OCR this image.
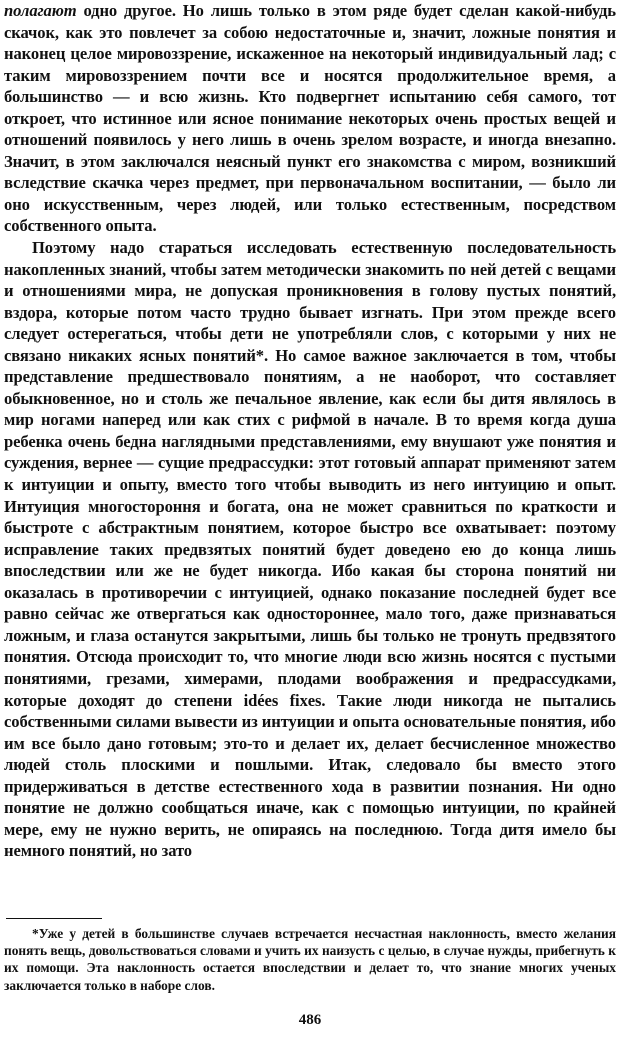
полагают одно другое. Но лишь только в этом ряде будет сделан какой-нибудь скачок, как это повлечет за собою недостаточные и, значит, ложные понятия и наконец целое мировоззрение, искаженное на некоторый индивидуальный лад; с таким мировоззрением почти все и носятся продолжительное время, а большинство — и всю жизнь. Кто подвергнет испытанию себя самого, тот откроет, что истинное или ясное понимание некоторых очень простых вещей и отношений появилось у него лишь в очень зрелом возрасте, и иногда внезапно. Значит, в этом заключался неясный пункт его знакомства с миром, возникший вследствие скачка через предмет, при первоначальном воспитании, — было ли оно искусственным, через людей, или только естественным, посредством собственного опыта.

Поэтому надо стараться исследовать естественную последовательность накопленных знаний, чтобы затем методически знакомить по ней детей с вещами и отношениями мира, не допуская проникновения в голову пустых понятий, вздора, которые потом часто трудно бывает изгнать. При этом прежде всего следует остерегаться, чтобы дети не употребляли слов, с которыми у них не связано никаких ясных понятий*. Но самое важное заключается в том, чтобы представление предшествовало понятиям, а не наоборот, что составляет обыкновенное, но и столь же печальное явление, как если бы дитя являлось в мир ногами наперед или как стих с рифмой в начале. В то время когда душа ребенка очень бедна наглядными представлениями, ему внушают уже понятия и суждения, вернее — сущие предрассудки: этот готовый аппарат применяют затем к интуиции и опыту, вместо того чтобы выводить из него интуицию и опыт. Интуиция многостороння и богата, она не может сравниться по краткости и быстроте с абстрактным понятием, которое быстро все охватывает: поэтому исправление таких предвзятых понятий будет доведено ею до конца лишь впоследствии или же не будет никогда. Ибо какая бы сторона понятий ни оказалась в противоречии с интуицией, однако показание последней будет все равно сейчас же отвергаться как одностороннее, мало того, даже признаваться ложным, и глаза останутся закрытыми, лишь бы только не тронуть предвзятого понятия. Отсюда происходит то, что многие люди всю жизнь носятся с пустыми понятиями, грезами, химерами, плодами воображения и предрассудками, которые доходят до степени idées fixes. Такие люди никогда не пытались собственными силами вывести из интуиции и опыта основательные понятия, ибо им все было дано готовым; это-то и делает их, делает бесчисленное множество людей столь плоскими и пошлыми. Итак, следовало бы вместо этого придерживаться в детстве естественного хода в развитии познания. Ни одно понятие не должно сообщаться иначе, как с помощью интуиции, по крайней мере, ему не нужно верить, не опираясь на последнюю. Тогда дитя имело бы немного понятий, но зато

*Уже у детей в большинстве случаев встречается несчастная наклонность, вместо желания понять вещь, довольствоваться словами и учить их наизусть с целью, в случае нужды, прибегнуть к их помощи. Эта наклонность остается впоследствии и делает то, что знание многих ученых заключается только в наборе слов.
486
